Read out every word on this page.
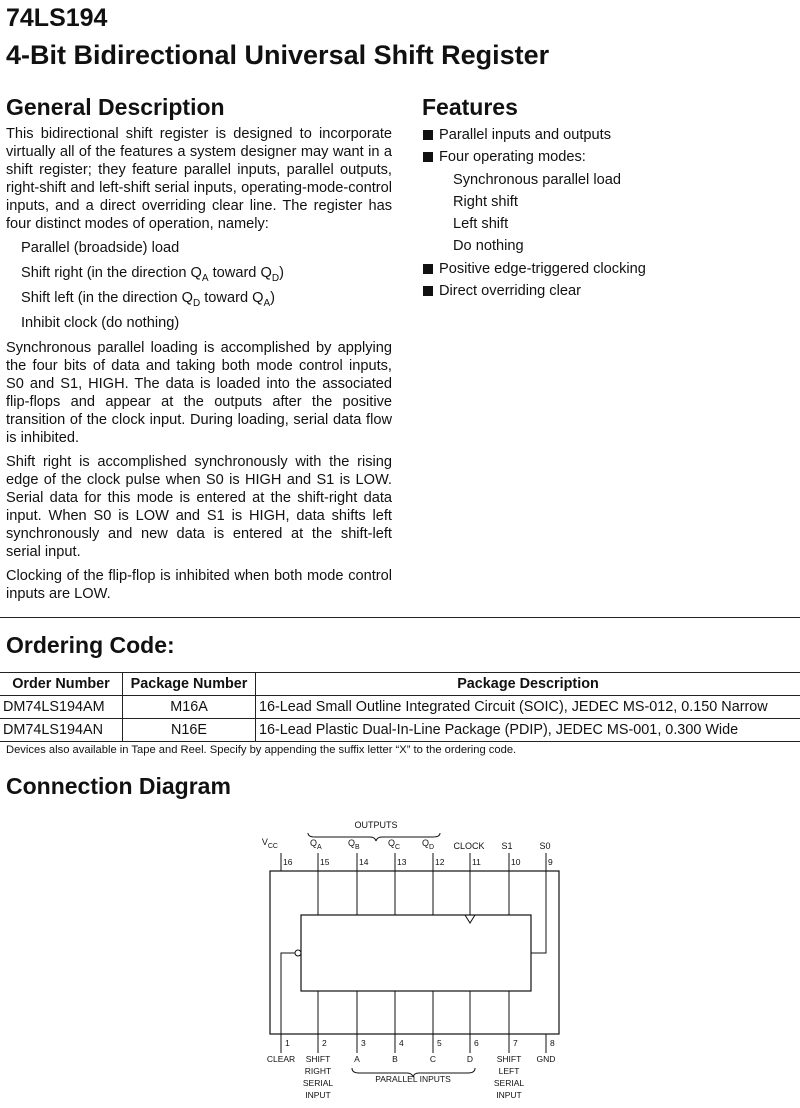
74LS194
4-Bit Bidirectional Universal Shift Register
General Description	Features

This bidirectional shift register is designed to incorporate virtually all of the features a system designer may want in a shift register; they feature parallel inputs, parallel outputs, right-shift and left-shift serial inputs, operating-mode-control inputs, and a direct overriding clear line. The register has four distinct modes of operation, namely:

Parallel (broadside) load
Shift right (in the direction $Q_A$ toward $Q_D$)
Shift left (in the direction $Q_D$ toward $Q_A$)
Inhibit clock (do nothing)

Synchronous parallel loading is accomplished by applying the four bits of data and taking both mode control inputs, S0 and S1, HIGH. The data is loaded into the associated flip-flops and appear at the outputs after the positive transition of the clock input. During loading, serial data flow is inhibited.

Shift right is accomplished synchronously with the rising edge of the clock pulse when S0 is HIGH and S1 is LOW. Serial data for this mode is entered at the shift-right data input. When S0 is LOW and S1 is HIGH, data shifts left synchronously and new data is entered at the shift-left serial input.

Clocking of the flip-flop is inhibited when both mode control inputs are LOW.

Parallel inputs and outputs
Four operating modes:
Synchronous parallel load
Right shift
Left shift
Do nothing
Positive edge-triggered clocking
Direct overriding clear
Ordering Code:
Order Number	Package Number	Package Description
DM74LS194AM	M16A	16-Lead Small Outline Integrated Circuit (SOIC), JEDEC MS-012, 0.150 Narrow
DM74LS194AN	N16E	16-Lead Plastic Dual-In-Line Package (PDIP), JEDEC MS-001, 0.300 Wide
Devices also available in Tape and Reel. Specify by appending the suffix letter “X” to the ordering code.
Connection Diagram
OUTPUTS
$V_{CC}$	$Q_A$	$Q_B$	$Q_C$ $Q_D$ CLOCK S1	S0
16	15	14	13	12	11	10	9
1	2	3	4	5	6	7	8
CLEAR SHIFT
RIGHT
SERIAL
INPUT
A	B	C	D	SHIFT
LEFT
SERIAL
INPUT
GND
PARALLEL INPUTS
